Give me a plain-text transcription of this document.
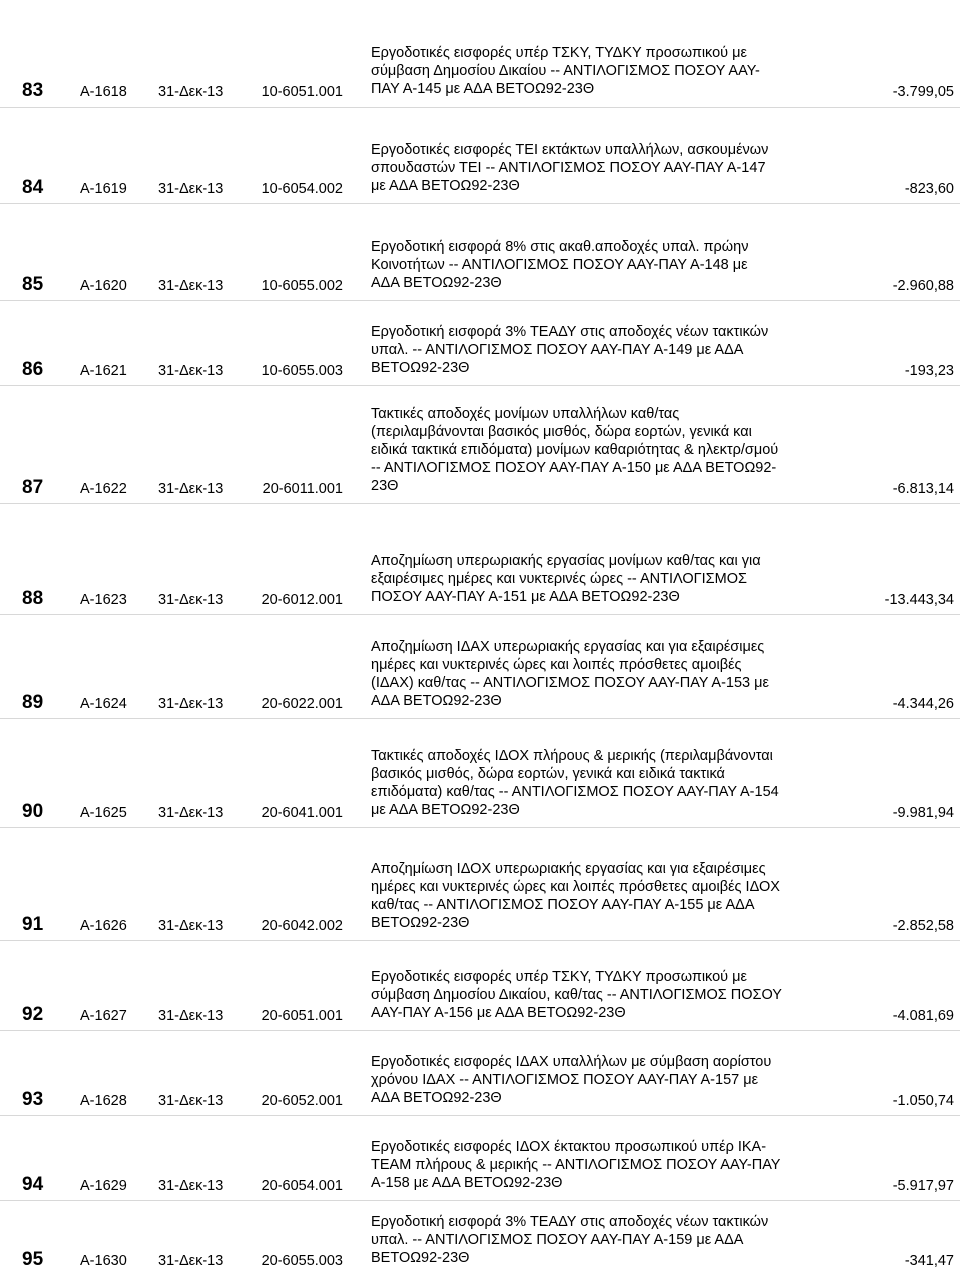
83	Α-1618 31-Δεκ-13	10-6051.001
Εργοδοτικές εισφορές υπέρ ΤΣΚΥ, ΤΥΔΚΥ προσωπικού με
σύμβαση Δημοσίου Δικαίου -- ΑΝΤΙΛΟΓΙΣΜΟΣ ΠΟΣΟΥ ΑΑΥ-
ΠΑΥ Α-145 με ΑΔΑ ΒΕΤΟΩ92-23Θ	-3.799,05
84	Α-1619 31-Δεκ-13	10-6054.002
Εργοδοτικές εισφορές ΤΕΙ εκτάκτων υπαλλήλων, ασκουμένων
σπουδαστών ΤΕΙ -- ΑΝΤΙΛΟΓΙΣΜΟΣ ΠΟΣΟΥ ΑΑΥ-ΠΑΥ Α-147
με ΑΔΑ ΒΕΤΟΩ92-23Θ	-823,60
85	Α-1620 31-Δεκ-13	10-6055.002
Εργοδοτική εισφορά 8% στις ακαθ.αποδοχές υπαλ. πρώην
Κοινοτήτων -- ΑΝΤΙΛΟΓΙΣΜΟΣ ΠΟΣΟΥ ΑΑΥ-ΠΑΥ Α-148 με
ΑΔΑ ΒΕΤΟΩ92-23Θ	-2.960,88
86	Α-1621 31-Δεκ-13	10-6055.003
Εργοδοτική εισφορά 3% ΤΕΑΔΥ στις αποδοχές νέων τακτικών
υπαλ. -- ΑΝΤΙΛΟΓΙΣΜΟΣ ΠΟΣΟΥ ΑΑΥ-ΠΑΥ Α-149 με ΑΔΑ
ΒΕΤΟΩ92-23Θ	-193,23
87	Α-1622 31-Δεκ-13	20-6011.001
Τακτικές αποδοχές μονίμων υπαλλήλων καθ/τας
(περιλαμβάνονται βασικός μισθός, δώρα εορτών, γενικά και
ειδικά τακτικά επιδόματα) μονίμων καθαριότητας & ηλεκτρ/σμού
-- ΑΝΤΙΛΟΓΙΣΜΟΣ ΠΟΣΟΥ ΑΑΥ-ΠΑΥ Α-150 με ΑΔΑ ΒΕΤΟΩ92-
23Θ	-6.813,14
88	Α-1623 31-Δεκ-13	20-6012.001
Αποζημίωση υπερωριακής εργασίας μονίμων καθ/τας και για
εξαιρέσιμες ημέρες και νυκτερινές ώρες -- ΑΝΤΙΛΟΓΙΣΜΟΣ
ΠΟΣΟΥ ΑΑΥ-ΠΑΥ Α-151 με ΑΔΑ ΒΕΤΟΩ92-23Θ	-13.443,34
89	Α-1624 31-Δεκ-13	20-6022.001
Αποζημίωση ΙΔΑΧ υπερωριακής εργασίας και για εξαιρέσιμες
ημέρες και νυκτερινές ώρες και λοιπές πρόσθετες αμοιβές
(ΙΔΑΧ) καθ/τας -- ΑΝΤΙΛΟΓΙΣΜΟΣ ΠΟΣΟΥ ΑΑΥ-ΠΑΥ Α-153 με
ΑΔΑ ΒΕΤΟΩ92-23Θ	-4.344,26
90	Α-1625 31-Δεκ-13	20-6041.001
Τακτικές αποδοχές ΙΔΟΧ πλήρους & μερικής (περιλαμβάνονται
βασικός μισθός, δώρα εορτών, γενικά και ειδικά τακτικά
επιδόματα) καθ/τας -- ΑΝΤΙΛΟΓΙΣΜΟΣ ΠΟΣΟΥ ΑΑΥ-ΠΑΥ Α-154
με ΑΔΑ ΒΕΤΟΩ92-23Θ	-9.981,94
91	Α-1626 31-Δεκ-13	20-6042.002
Αποζημίωση ΙΔΟΧ υπερωριακής εργασίας και για εξαιρέσιμες
ημέρες και νυκτερινές ώρες και λοιπές πρόσθετες αμοιβές ΙΔΟΧ
καθ/τας -- ΑΝΤΙΛΟΓΙΣΜΟΣ ΠΟΣΟΥ ΑΑΥ-ΠΑΥ Α-155 με ΑΔΑ
ΒΕΤΟΩ92-23Θ	-2.852,58
92	Α-1627 31-Δεκ-13	20-6051.001
Εργοδοτικές εισφορές υπέρ ΤΣΚΥ, ΤΥΔΚΥ προσωπικού με
σύμβαση Δημοσίου Δικαίου, καθ/τας -- ΑΝΤΙΛΟΓΙΣΜΟΣ ΠΟΣΟΥ
ΑΑΥ-ΠΑΥ Α-156 με ΑΔΑ ΒΕΤΟΩ92-23Θ	-4.081,69
93	Α-1628 31-Δεκ-13	20-6052.001
Εργοδοτικές εισφορές ΙΔΑΧ υπαλλήλων με σύμβαση αορίστου
χρόνου ΙΔΑΧ -- ΑΝΤΙΛΟΓΙΣΜΟΣ ΠΟΣΟΥ ΑΑΥ-ΠΑΥ Α-157 με
ΑΔΑ ΒΕΤΟΩ92-23Θ	-1.050,74
94	Α-1629 31-Δεκ-13	20-6054.001
Εργοδοτικές εισφορές ΙΔΟΧ έκτακτου προσωπικού υπέρ ΙΚΑ-
ΤΕΑΜ πλήρους & μερικής -- ΑΝΤΙΛΟΓΙΣΜΟΣ ΠΟΣΟΥ ΑΑΥ-ΠΑΥ
Α-158 με ΑΔΑ ΒΕΤΟΩ92-23Θ	-5.917,97
95	Α-1630 31-Δεκ-13	20-6055.003
Εργοδοτική εισφορά 3% ΤΕΑΔΥ στις αποδοχές νέων τακτικών
υπαλ. -- ΑΝΤΙΛΟΓΙΣΜΟΣ ΠΟΣΟΥ ΑΑΥ-ΠΑΥ Α-159 με ΑΔΑ
ΒΕΤΟΩ92-23Θ	-341,47
